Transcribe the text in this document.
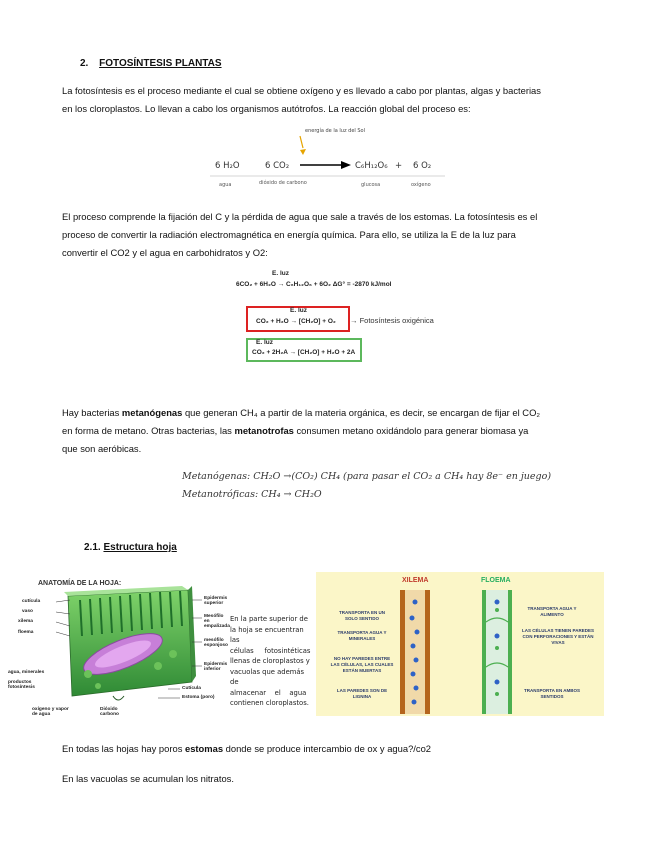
2. FOTOSÍNTESIS PLANTAS
La fotosíntesis es el proceso mediante el cual se obtiene oxígeno y es llevado a cabo por plantas, algas y bacterias
en los cloroplastos. Lo llevan a cabo los organismos autótrofos. La reacción global del proceso es:
energía de la luz del Sol
6 H₂O	6 CO₂	C₆H₁₂O₆ + 6 O₂
agua	dióxido de carbono	glucosa	oxígeno
El proceso comprende la fijación del C y la pérdida de agua que sale a través de los estomas. La fotosíntesis es el
proceso de convertir la radiación electromagnética en energía química. Para ello, se utiliza la E de la luz para
convertir el CO2 y el agua en carbohidratos y O2:
E. luz
6CO₂ + 6H₂O → C₆H₁₂O₆ + 6O₂ ΔG° = -2870 kJ/mol
E. luz
CO₂ + H₂O → [CH₂O] + O₂ → Fotosíntesis oxigénica
E. luz
CO₂ + 2H₂A → [CH₂O] + H₂O + 2A
Hay bacterias metanógenas que generan CH₄ a partir de la materia orgánica, es decir, se encargan de fijar el CO₂
en forma de metano. Otras bacterias, las metanotrofas consumen metano oxidándolo para generar biomasa ya
que son aeróbicas.
Metanógenas: CH₂O →(CO₂) CH₄ (para pasar el CO₂ a CH₄ hay 8e⁻ en juego)
Metanotróficas: CH₄ → CH₂O
2.1. Estructura hoja
ANATOMÍA DE LA HOJA:
cutícula
vaso
xilema
floema
agua, minerales
productos fotosíntesis
oxígeno y vapor de agua
Dióxido carbono
Epidermis superior
Mesófilo en empalizada
mesófilo esponjoso
Epidermis inferior
Cutícula
Estoma (poro)
En la parte superior de
la hoja se encuentran las
células     fotosintéticas
llenas de cloroplastos y
vacuolas que además de
almacenar    el    agua
contienen cloroplastos.
XILEMA	FLOEMA
TRANSPORTA EN UN SOLO SENTIDO
TRANSPORTA AGUA Y MINERALES
NO HAY PAREDES ENTRE LAS CÉLULAS, LAS CUALES ESTÁN MUERTAS
LAS PAREDES SON DE LIGNINA
TRANSPORTA AGUA Y ALIMENTO
LAS CÉLULAS TIENEN PAREDES CON PERFORACIONES Y ESTÁN VIVAS
TRANSPORTA EN AMBOS SENTIDOS
En todas las hojas hay poros estomas donde se produce intercambio de ox y agua?/co2
En las vacuolas se acumulan los nitratos.
